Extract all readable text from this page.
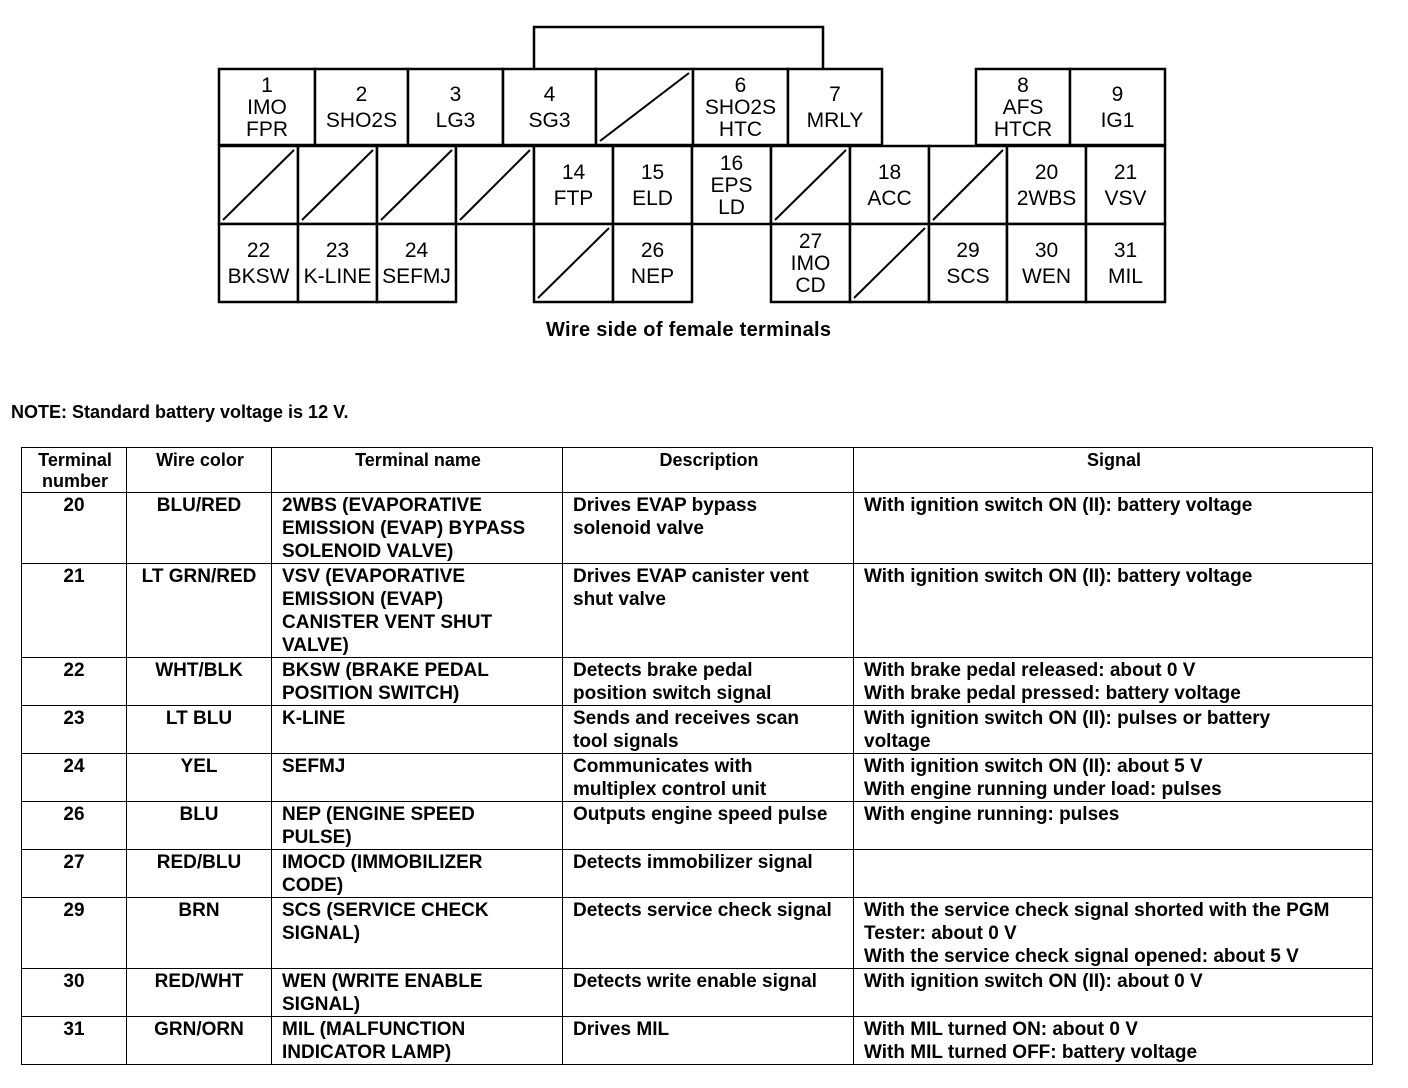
1
IMO
FPR
2
SHO2S
3
LG3
4
SG3
6
SHO2S
HTC
7
MRLY
8
AFS
HTCR
9
IG1
14
FTP
15
ELD
16
EPS
LD
18
ACC
20
2WBS
21
VSV
22
BKSW
23
K-LINE
24
SEFMJ
26
NEP
27
IMO
CD
29
SCS
30
WEN
31
MIL
Wire side of female terminals
NOTE: Standard battery voltage is 12 V.
Terminal
number	Wire color	Terminal name	Description	Signal

20	BLU/RED	2WBS (EVAPORATIVE
EMISSION (EVAP) BYPASS
SOLENOID VALVE)	Drives EVAP bypass
solenoid valve	With ignition switch ON (II): battery voltage

21	LT GRN/RED	VSV (EVAPORATIVE
EMISSION (EVAP)
CANISTER VENT SHUT
VALVE)	Drives EVAP canister vent
shut valve	With ignition switch ON (II): battery voltage

22	WHT/BLK	BKSW (BRAKE PEDAL
POSITION SWITCH)	Detects brake pedal
position switch signal	With brake pedal released: about 0 V
With brake pedal pressed: battery voltage

23	LT BLU	K-LINE	Sends and receives scan
tool signals	With ignition switch ON (II): pulses or battery
voltage

24	YEL	SEFMJ	Communicates with
multiplex control unit	With ignition switch ON (II): about 5 V
With engine running under load: pulses

26	BLU	NEP (ENGINE SPEED
PULSE)	Outputs engine speed pulse	With engine running: pulses

27	RED/BLU	IMOCD (IMMOBILIZER
CODE)	Detects immobilizer signal	

29	BRN	SCS (SERVICE CHECK
SIGNAL)	Detects service check signal	With the service check signal shorted with the PGM
Tester: about 0 V
With the service check signal opened: about 5 V

30	RED/WHT	WEN (WRITE ENABLE
SIGNAL)	Detects write enable signal	With ignition switch ON (II): about 0 V

31	GRN/ORN	MIL (MALFUNCTION
INDICATOR LAMP)	Drives MIL	With MIL turned ON: about 0 V
With MIL turned OFF: battery voltage
